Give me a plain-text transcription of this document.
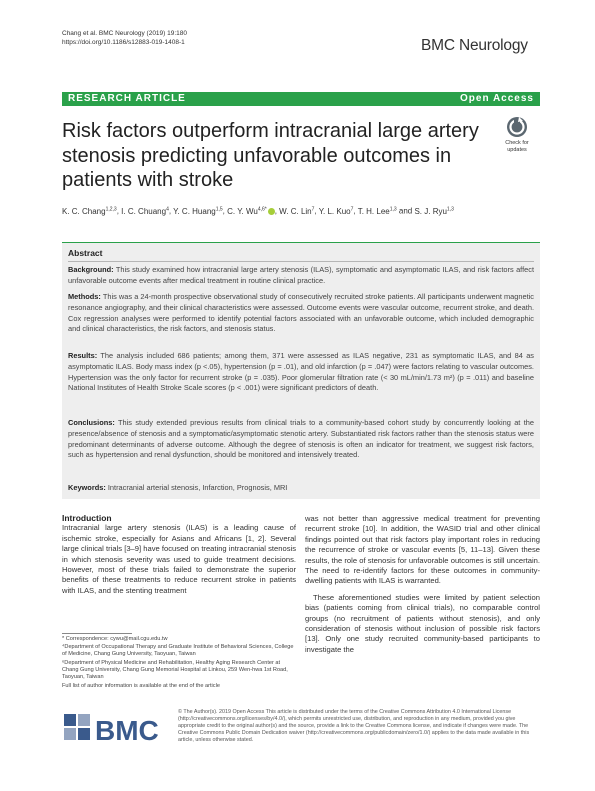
Chang et al. BMC Neurology (2019) 19:180
https://doi.org/10.1186/s12883-019-1408-1	BMC Neurology
RESEARCH ARTICLE	Open Access
Check for
updates
Risk factors outperform intracranial large artery stenosis predicting unfavorable outcomes in patients with stroke
K. C. Chang$^{1,2,3}$, I. C. Chuang$^4$, Y. C. Huang$^{1,5}$, C. Y. $Wu^{4,6*}$ , W. C. Lin$^7$, Y. L. Kuo$^7$, T. H. Lee$^{1,3}$ and S. J. Ryu$^{1,3}$
Abstract
Background: This study examined how intracranial large artery stenosis (ILAS), symptomatic and asymptomatic ILAS, and risk factors affect unfavorable outcome events after medical treatment in routine clinical practice.
Methods: This was a 24-month prospective observational study of consecutively recruited stroke patients. All participants underwent magnetic resonance angiography, and their clinical characteristics were assessed. Outcome events were vascular outcome, recurrent stroke, and death. Cox regression analyses were performed to identify potential factors associated with an unfavorable outcome, which included demographic and clinical characteristics, the risk factors, and stenosis status.
Results: The analysis included 686 patients; among them, 371 were assessed as ILAS negative, 231 as symptomatic ILAS, and 84 as asymptomatic ILAS. Body mass index (p <.05), hypertension (p = .01), and old infarction (p = .047) were factors relating to vascular outcomes. Hypertension was the only factor for recurrent stroke (p = .035). Poor glomerular filtration rate (< 30 mL/min/1.73 m²) (p = .011) and baseline National Institutes of Health Stroke Scale scores (p < .001) were significant predictors of death.
Conclusions: This study extended previous results from clinical trials to a community-based cohort study by concurrently looking at the presence/absence of stenosis and a symptomatic/asymptomatic stenotic artery. Substantiated risk factors rather than the stenosis status were predominant determinants of adverse outcome. Although the degree of stenosis is often an indicator for treatment, we suggest risk factors, such as hypertension and renal dysfunction, should be monitored and intensively treated.
Keywords: Intracranial arterial stenosis, Infarction, Prognosis, MRI
Introduction
Intracranial large artery stenosis (ILAS) is a leading cause of ischemic stroke, especially for Asians and Africans [1, 2]. Several large clinical trials [3–9] have focused on treating intracranial stenosis in which stenosis severity was used to guide treatment decisions. However, most of these trials failed to demonstrate the superior benefits of these treatments to reduce recurrent stroke in patients with ILAS, and the stenting treatment
was not better than aggressive medical treatment for preventing recurrent stroke [10]. In addition, the WASID trial and other clinical findings pointed out that risk factors play important roles in reducing the recurrence of stroke or vascular events [5, 11–13]. Given these results, the role of stenosis for unfavorable outcomes is still uncertain. The need to re-identify factors for these outcomes in community-dwelling patients with ILAS is warranted.
These aforementioned studies were limited by patient selection bias (patients coming from clinical trials), no comparable control groups (no recruitment of patients without stenosis), and only consideration of stenosis without inclusion of possible risk factors [13]. Only one study recruited community-based participants to investigate the
* Correspondence: cywu@mail.cgu.edu.tw
⁴Department of Occupational Therapy and Graduate Institute of Behavioral Sciences, College of Medicine, Chang Gung University, Taoyuan, Taiwan
⁶Department of Physical Medicine and Rehabilitation, Healthy Aging Research Center at Chang Gung University, Chang Gung Memorial Hospital at Linkou, 259 Wen-hwa 1st Road, Taoyuan, Taiwan
Full list of author information is available at the end of the article
BMC
© The Author(s). 2019 Open Access This article is distributed under the terms of the Creative Commons Attribution 4.0 International License (http://creativecommons.org/licenses/by/4.0/), which permits unrestricted use, distribution, and reproduction in any medium, provided you give appropriate credit to the original author(s) and the source, provide a link to the Creative Commons license, and indicate if changes were made. The Creative Commons Public Domain Dedication waiver (http://creativecommons.org/publicdomain/zero/1.0/) applies to the data made available in this article, unless otherwise stated.
